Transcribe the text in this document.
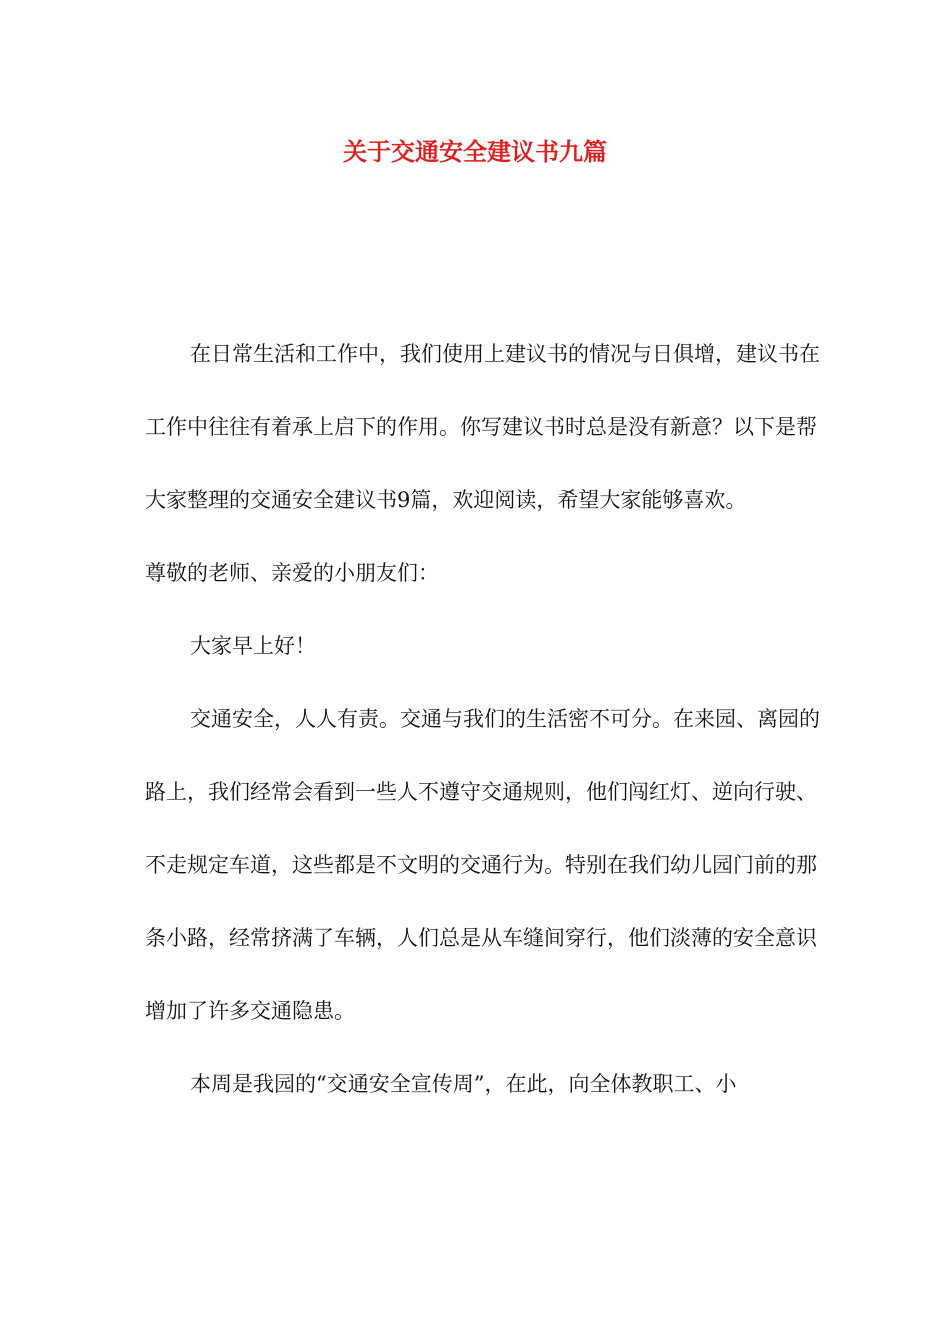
关于交通安全建议书九篇

在日常生活和工作中，我们使用上建议书的情况与日俱增，建议书在工作中往往有着承上启下的作用。你写建议书时总是没有新意？以下是帮大家整理的交通安全建议书9篇，欢迎阅读，希望大家能够喜欢。

尊敬的老师、亲爱的小朋友们：

大家早上好！

交通安全，人人有责。交通与我们的生活密不可分。在来园、离园的路上，我们经常会看到一些人不遵守交通规则，他们闯红灯、逆向行驶、不走规定车道，这些都是不文明的交通行为。特别在我们幼儿园门前的那条小路，经常挤满了车辆，人们总是从车缝间穿行，他们淡薄的安全意识增加了许多交通隐患。

本周是我园的“交通安全宣传周”，在此，向全体教职工、小
